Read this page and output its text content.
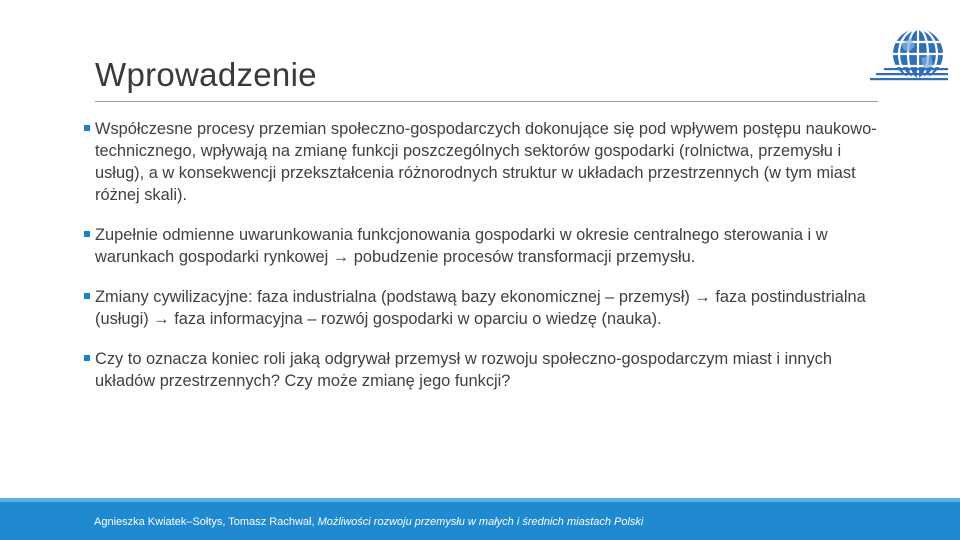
Wprowadzenie
Współczesne procesy przemian społeczno-gospodarczych dokonujące się pod wpływem postępu naukowo-technicznego, wpływają na zmianę funkcji poszczególnych sektorów gospodarki (rolnictwa, przemysłu i usług), a w konsekwencji przekształcenia różnorodnych struktur w układach przestrzennych (w tym miast różnej skali).
Zupełnie odmienne uwarunkowania funkcjonowania gospodarki w okresie centralnego sterowania i w warunkach gospodarki rynkowej → pobudzenie procesów transformacji przemysłu.
Zmiany cywilizacyjne: faza industrialna (podstawą bazy ekonomicznej – przemysł) → faza postindustrialna (usługi) → faza informacyjna – rozwój gospodarki w oparciu o wiedzę (nauka).
Czy to oznacza koniec roli jaką odgrywał przemysł w rozwoju społeczno-gospodarczym miast i innych układów przestrzennych? Czy może zmianę jego funkcji?
Agnieszka Kwiatek–Sołtys, Tomasz Rachwał, Możliwości rozwoju przemysłu w małych i średnich miastach Polski
